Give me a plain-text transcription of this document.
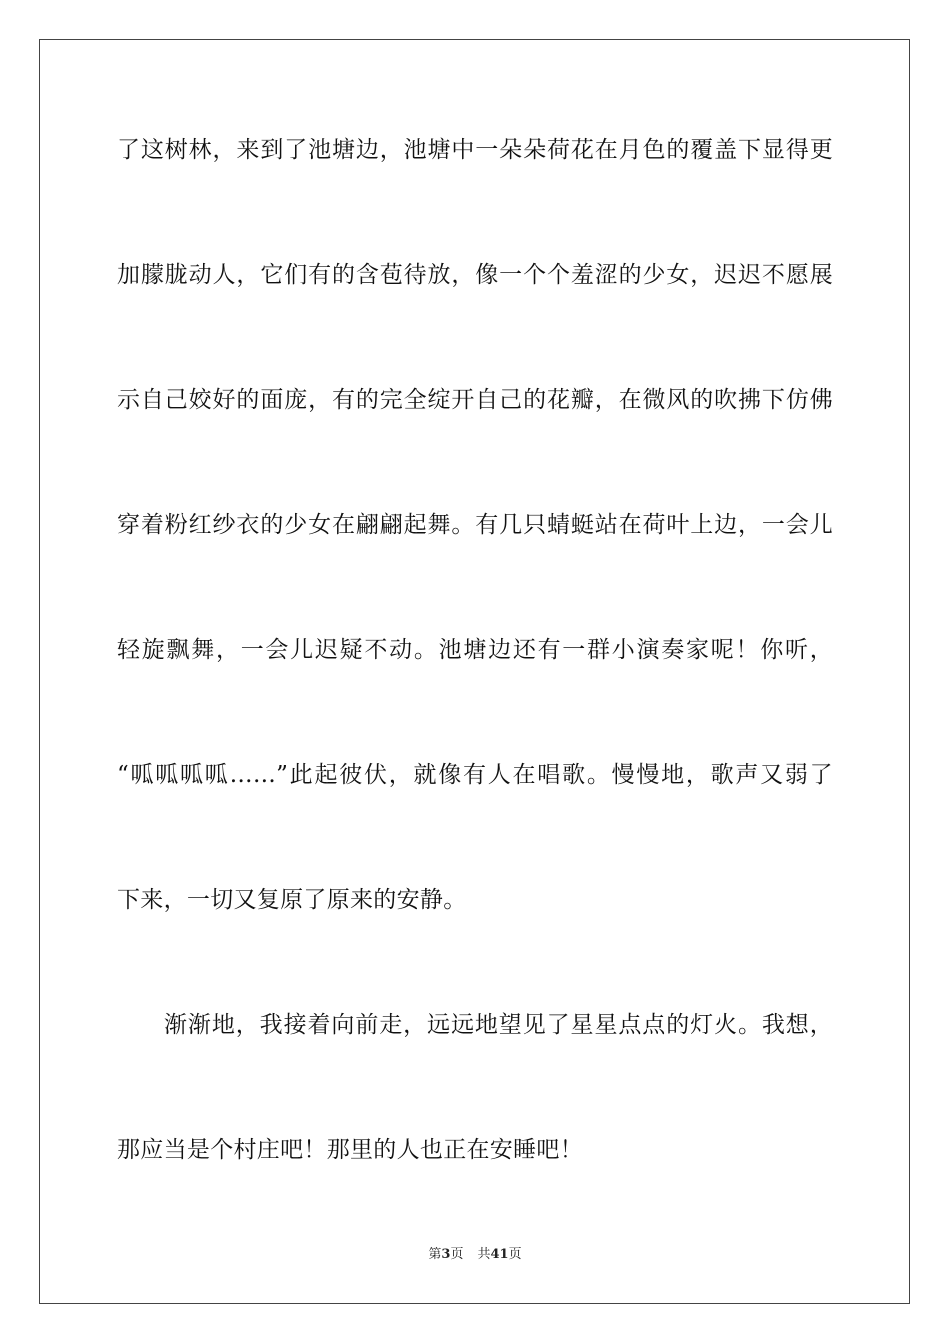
了这树林，来到了池塘边，池塘中一朵朵荷花在月色的覆盖下显得更
加朦胧动人，它们有的含苞待放，像一个个羞涩的少女，迟迟不愿展
示自己姣好的面庞，有的完全绽开自己的花瓣，在微风的吹拂下仿佛
穿着粉红纱衣的少女在翩翩起舞。有几只蜻蜓站在荷叶上边，一会儿
轻旋飘舞，一会儿迟疑不动。池塘边还有一群小演奏家呢！你听，
“呱呱呱呱……”此起彼伏，就像有人在唱歌。慢慢地，歌声又弱了
下来，一切又复原了原来的安静。
渐渐地，我接着向前走，远远地望见了星星点点的灯火。我想，
那应当是个村庄吧！那里的人也正在安睡吧！
第3页 共41页
